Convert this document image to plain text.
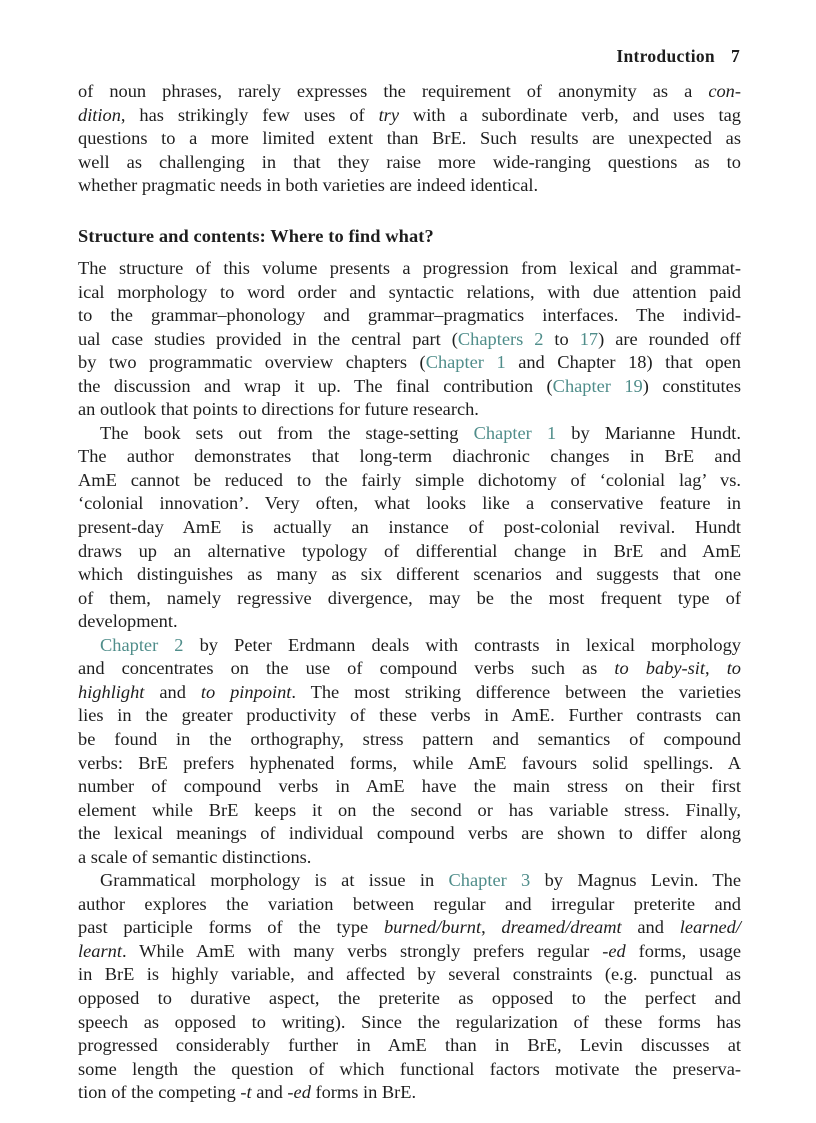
Introduction 7
of noun phrases, rarely expresses the requirement of anonymity as a con-
dition, has strikingly few uses of try with a subordinate verb, and uses tag
questions to a more limited extent than BrE. Such results are unexpected as
well as challenging in that they raise more wide-ranging questions as to
whether pragmatic needs in both varieties are indeed identical.
Structure and contents: Where to find what?
The structure of this volume presents a progression from lexical and grammat-
ical morphology to word order and syntactic relations, with due attention paid
to the grammar–phonology and grammar–pragmatics interfaces. The individ-
ual case studies provided in the central part (Chapters 2 to 17) are rounded off
by two programmatic overview chapters (Chapter 1 and Chapter 18) that open
the discussion and wrap it up. The final contribution (Chapter 19) constitutes
an outlook that points to directions for future research.
The book sets out from the stage-setting Chapter 1 by Marianne Hundt.
The author demonstrates that long-term diachronic changes in BrE and
AmE cannot be reduced to the fairly simple dichotomy of ‘colonial lag’ vs.
‘colonial innovation’. Very often, what looks like a conservative feature in
present-day AmE is actually an instance of post-colonial revival. Hundt
draws up an alternative typology of differential change in BrE and AmE
which distinguishes as many as six different scenarios and suggests that one
of them, namely regressive divergence, may be the most frequent type of
development.
Chapter 2 by Peter Erdmann deals with contrasts in lexical morphology
and concentrates on the use of compound verbs such as to baby-sit, to
highlight and to pinpoint. The most striking difference between the varieties
lies in the greater productivity of these verbs in AmE. Further contrasts can
be found in the orthography, stress pattern and semantics of compound
verbs: BrE prefers hyphenated forms, while AmE favours solid spellings. A
number of compound verbs in AmE have the main stress on their first
element while BrE keeps it on the second or has variable stress. Finally,
the lexical meanings of individual compound verbs are shown to differ along
a scale of semantic distinctions.
Grammatical morphology is at issue in Chapter 3 by Magnus Levin. The
author explores the variation between regular and irregular preterite and
past participle forms of the type burned/burnt, dreamed/dreamt and learned/
learnt. While AmE with many verbs strongly prefers regular -ed forms, usage
in BrE is highly variable, and affected by several constraints (e.g. punctual as
opposed to durative aspect, the preterite as opposed to the perfect and
speech as opposed to writing). Since the regularization of these forms has
progressed considerably further in AmE than in BrE, Levin discusses at
some length the question of which functional factors motivate the preserva-
tion of the competing -t and -ed forms in BrE.
